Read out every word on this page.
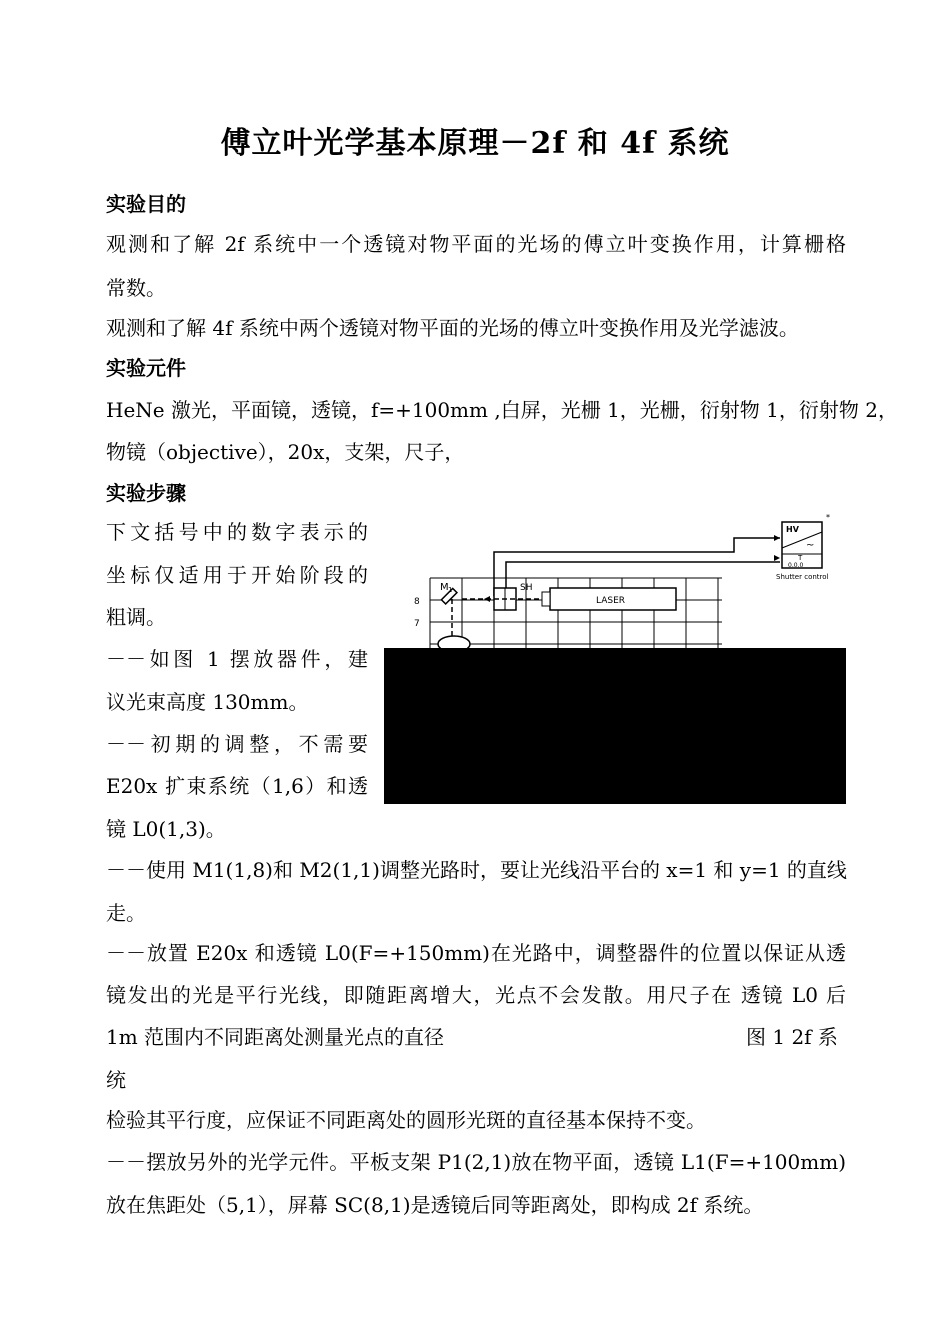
傅立叶光学基本原理－2f 和 4f 系统
实验目的
观测和了解 2f 系统中一个透镜对物平面的光场的傅立叶变换作用，计算栅格
常数。
观测和了解 4f 系统中两个透镜对物平面的光场的傅立叶变换作用及光学滤波。
实验元件
HeNe 激光，平面镜，透镜，f=+100mm ,白屏，光栅 1，光栅，衍射物 1，衍射物 2，
物镜（objective），20x，支架，尺子，
实验步骤
下文括号中的数字表示的
坐标仅适用于开始阶段的
粗调。
－－如图 1 摆放器件，建
议光束高度 130mm。
－－初期的调整，不需要
E20x 扩束系统（1,6）和透
镜 L0(1,3)。
－－使用 M1(1,8)和 M2(1,1)调整光路时，要让光线沿平台的 x=1 和 y=1 的直线
走。
－－放置 E20x 和透镜 L0(F=+150mm)在光路中，调整器件的位置以保证从透
镜发出的光是平行光线，即随距离增大，光点不会发散。用尺子在 透镜 L0 后
1m 范围内不同距离处测量光点的直径	图 1 2f 系
统
检验其平行度，应保证不同距离处的圆形光斑的直径基本保持不变。
－－摆放另外的光学元件。平板支架 P1(2,1)放在物平面，透镜 L1(F=+100mm)
放在焦距处（5,1），屏幕 SC(8,1)是透镜后同等距离处，即构成 2f 系统。
8
7
HV
~
T
0.0.0
*
Shutter control
LASER
SH
M 1
